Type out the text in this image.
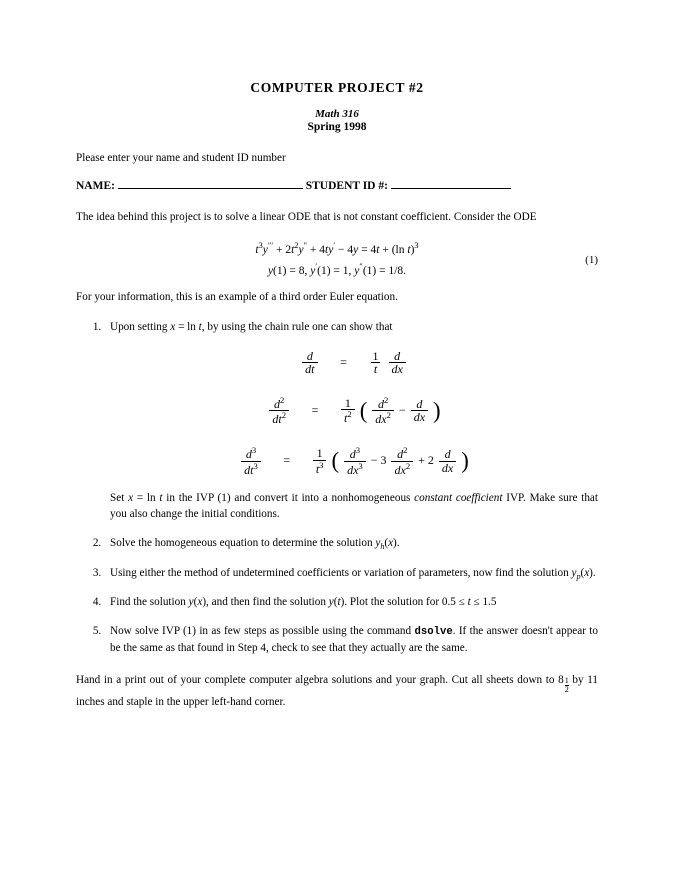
COMPUTER PROJECT #2
Math 316
Spring 1998
Please enter your name and student ID number
NAME:	STUDENT ID #:
The idea behind this project is to solve a linear ODE that is not constant coefficient. Consider the ODE
$t^3y''' + 2t^2y'' + 4ty' - 4y = 4t + (\ln$ t)$^3$
y(1) = 8, y′(1) = 1, y″(1) = 1/8.
(1)
For your information, this is an example of a third order Euler equation.
1. Upon setting x = ln t, by using the chain rule one can show that
$\frac{d}{dt}$	=	$\frac{1}{t} \frac{d}{dx}$
$\frac{d^2}{dt^2}$	=	$\frac{1}{t^2}$ ( $\frac{d^2}{dx^2} - \frac{d}{dx}$ )
$\frac{d^3}{dt^3}$	=	$\frac{1}{t^3}$ ( $\frac{d^3}{dx^3} - 3 \frac{d^2}{dx^2} + 2 \frac{d}{dx}$ )
Set x = ln t in the IVP (1) and convert it into a nonhomogeneous constant coefficient IVP. Make sure that you also change the initial conditions.
2. Solve the homogeneous equation to determine the solution $y_h(x)$.
3. Using either the method of undetermined coefficients or variation of parameters, now find the solution $y_p(x)$.
4. Find the solution y(x), and then find the solution y(t). Plot the solution for 0.5 ≤ t ≤ 1.5
5. Now solve IVP (1) in as few steps as possible using the command dsolve. If the answer doesn't appear to be the same as that found in Step 4, check to see that they actually are the same.
Hand in a print out of your complete computer algebra solutions and your graph. Cut all sheets down to $8 \frac{1}{2}$ by 11 inches and staple in the upper left-hand corner.
